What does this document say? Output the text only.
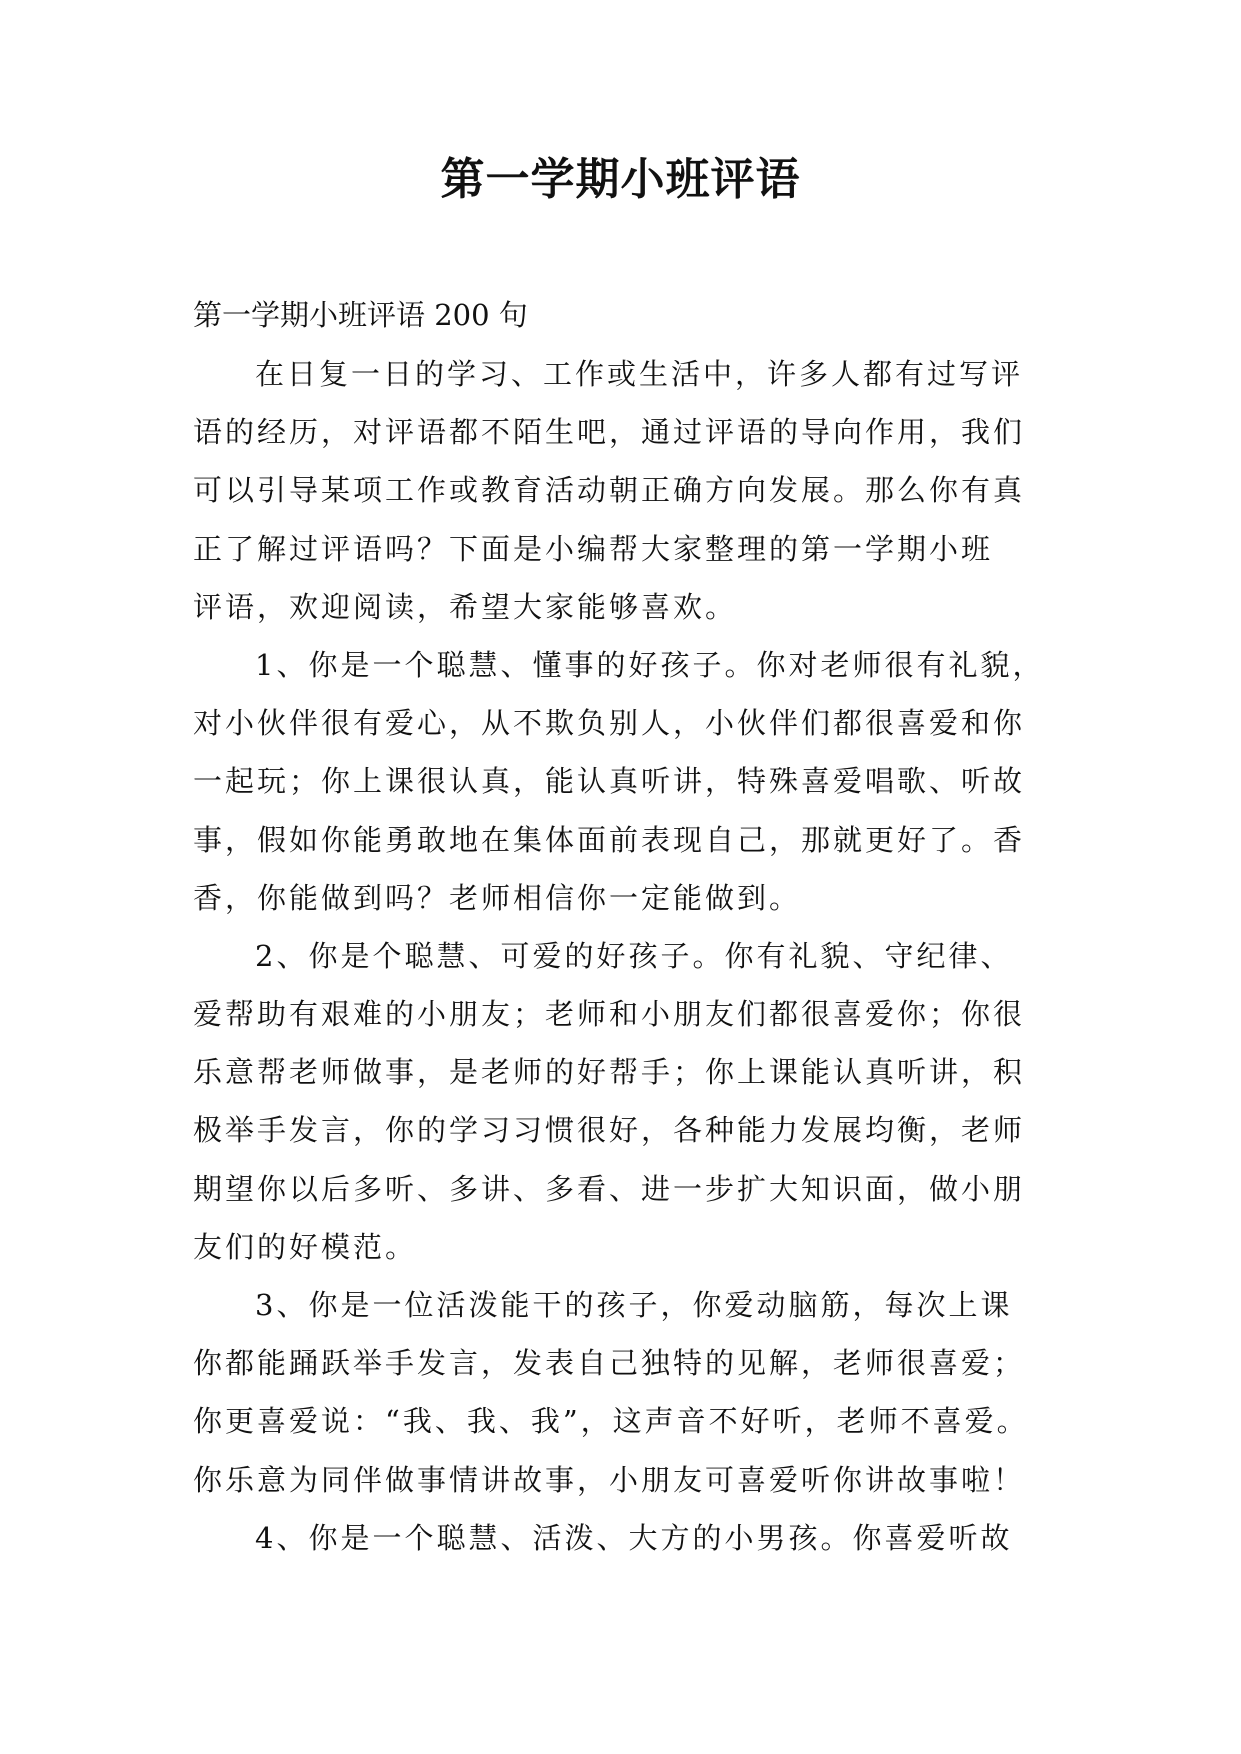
第一学期小班评语
第一学期小班评语 200 句
在日复一日的学习、工作或生活中，许多人都有过写评
语的经历，对评语都不陌生吧，通过评语的导向作用，我们
可以引导某项工作或教育活动朝正确方向发展。那么你有真
正了解过评语吗？下面是小编帮大家整理的第一学期小班
评语，欢迎阅读，希望大家能够喜欢。
1、你是一个聪慧、懂事的好孩子。你对老师很有礼貌，
对小伙伴很有爱心，从不欺负别人，小伙伴们都很喜爱和你
一起玩；你上课很认真，能认真听讲，特殊喜爱唱歌、听故
事，假如你能勇敢地在集体面前表现自己，那就更好了。香
香，你能做到吗？老师相信你一定能做到。
2、你是个聪慧、可爱的好孩子。你有礼貌、守纪律、
爱帮助有艰难的小朋友；老师和小朋友们都很喜爱你；你很
乐意帮老师做事，是老师的好帮手；你上课能认真听讲，积
极举手发言，你的学习习惯很好，各种能力发展均衡，老师
期望你以后多听、多讲、多看、进一步扩大知识面，做小朋
友们的好模范。
3、你是一位活泼能干的孩子，你爱动脑筋，每次上课
你都能踊跃举手发言，发表自己独特的见解，老师很喜爱；
你更喜爱说：“我、我、我”，这声音不好听，老师不喜爱。
你乐意为同伴做事情讲故事，小朋友可喜爱听你讲故事啦！
4、你是一个聪慧、活泼、大方的小男孩。你喜爱听故
